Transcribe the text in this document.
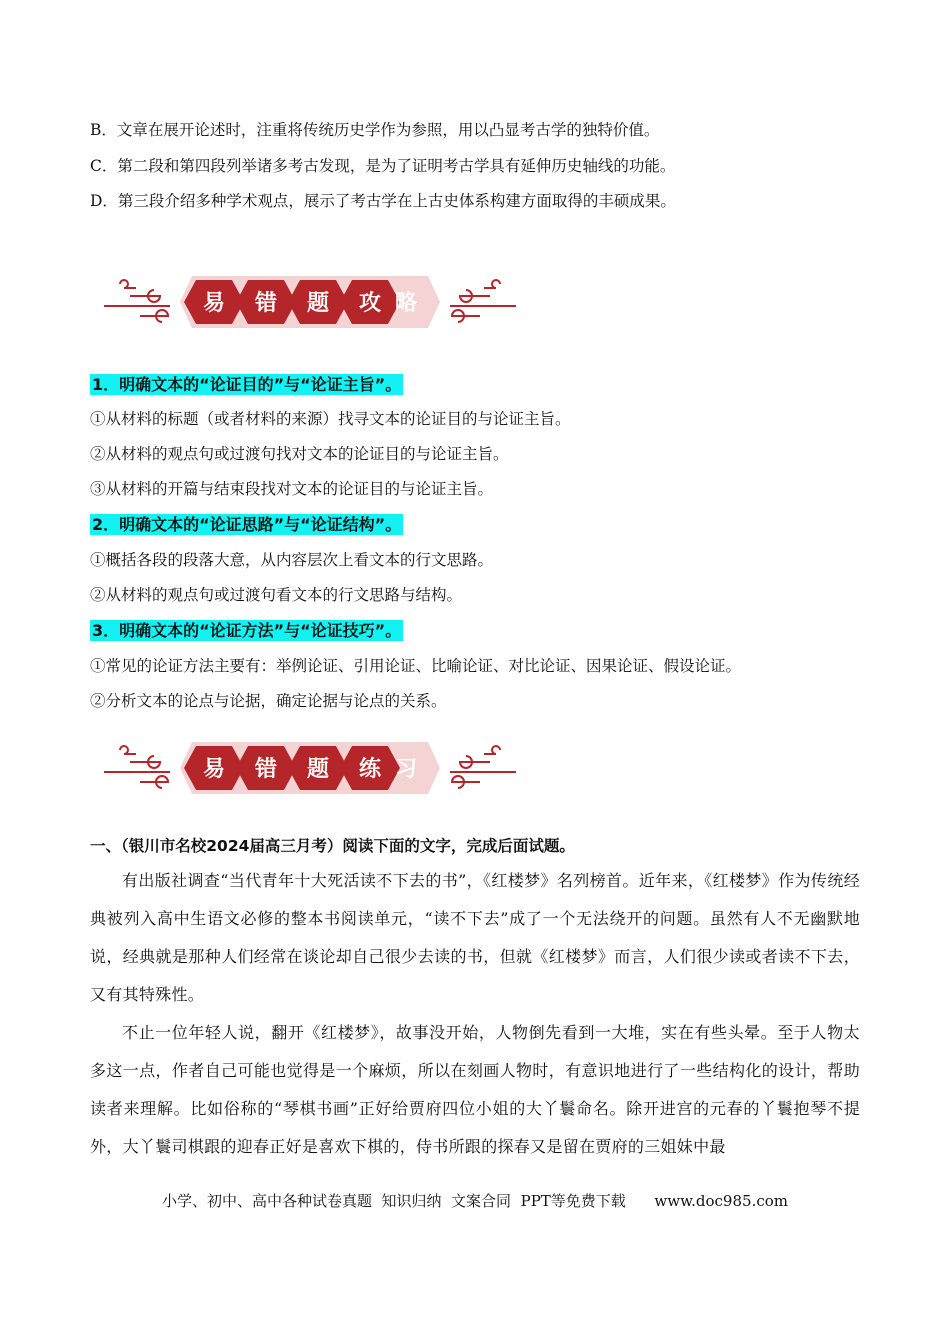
B．文章在展开论述时，注重将传统历史学作为参照，用以凸显考古学的独特价值。
C．第二段和第四段列举诸多考古发现，是为了证明考古学具有延伸历史轴线的功能。
D．第三段介绍多种学术观点，展示了考古学在上古史体系构建方面取得的丰硕成果。
易 错 题 攻 略
1．明确文本的“论证目的”与“论证主旨”。
①从材料的标题（或者材料的来源）找寻文本的论证目的与论证主旨。
②从材料的观点句或过渡句找对文本的论证目的与论证主旨。
③从材料的开篇与结束段找对文本的论证目的与论证主旨。
2．明确文本的“论证思路”与“论证结构”。
①概括各段的段落大意，从内容层次上看文本的行文思路。
②从材料的观点句或过渡句看文本的行文思路与结构。
3．明确文本的“论证方法”与“论证技巧”。
①常见的论证方法主要有：举例论证、引用论证、比喻论证、对比论证、因果论证、假设论证。
②分析文本的论点与论据，确定论据与论点的关系。
易 错 题 练 习
一、（银川市名校2024届高三月考）阅读下面的文字，完成后面试题。
有出版社调查“当代青年十大死活读不下去的书”，《红楼梦》名列榜首。近年来，《红楼梦》作为传统经典被列入高中生语文必修的整本书阅读单元，“读不下去”成了一个无法绕开的问题。虽然有人不无幽默地说，经典就是那种人们经常在谈论却自己很少去读的书，但就《红楼梦》而言，人们很少读或者读不下去，又有其特殊性。
不止一位年轻人说，翻开《红楼梦》，故事没开始，人物倒先看到一大堆，实在有些头晕。至于人物太多这一点，作者自己可能也觉得是一个麻烦，所以在刻画人物时，有意识地进行了一些结构化的设计，帮助读者来理解。比如俗称的“琴棋书画”正好给贾府四位小姐的大丫鬟命名。除开进宫的元春的丫鬟抱琴不提外，大丫鬟司棋跟的迎春正好是喜欢下棋的，侍书所跟的探春又是留在贾府的三姐妹中最
小学、初中、高中各种试卷真题  知识归纳  文案合同  PPT等免费下载      www.doc985.com
